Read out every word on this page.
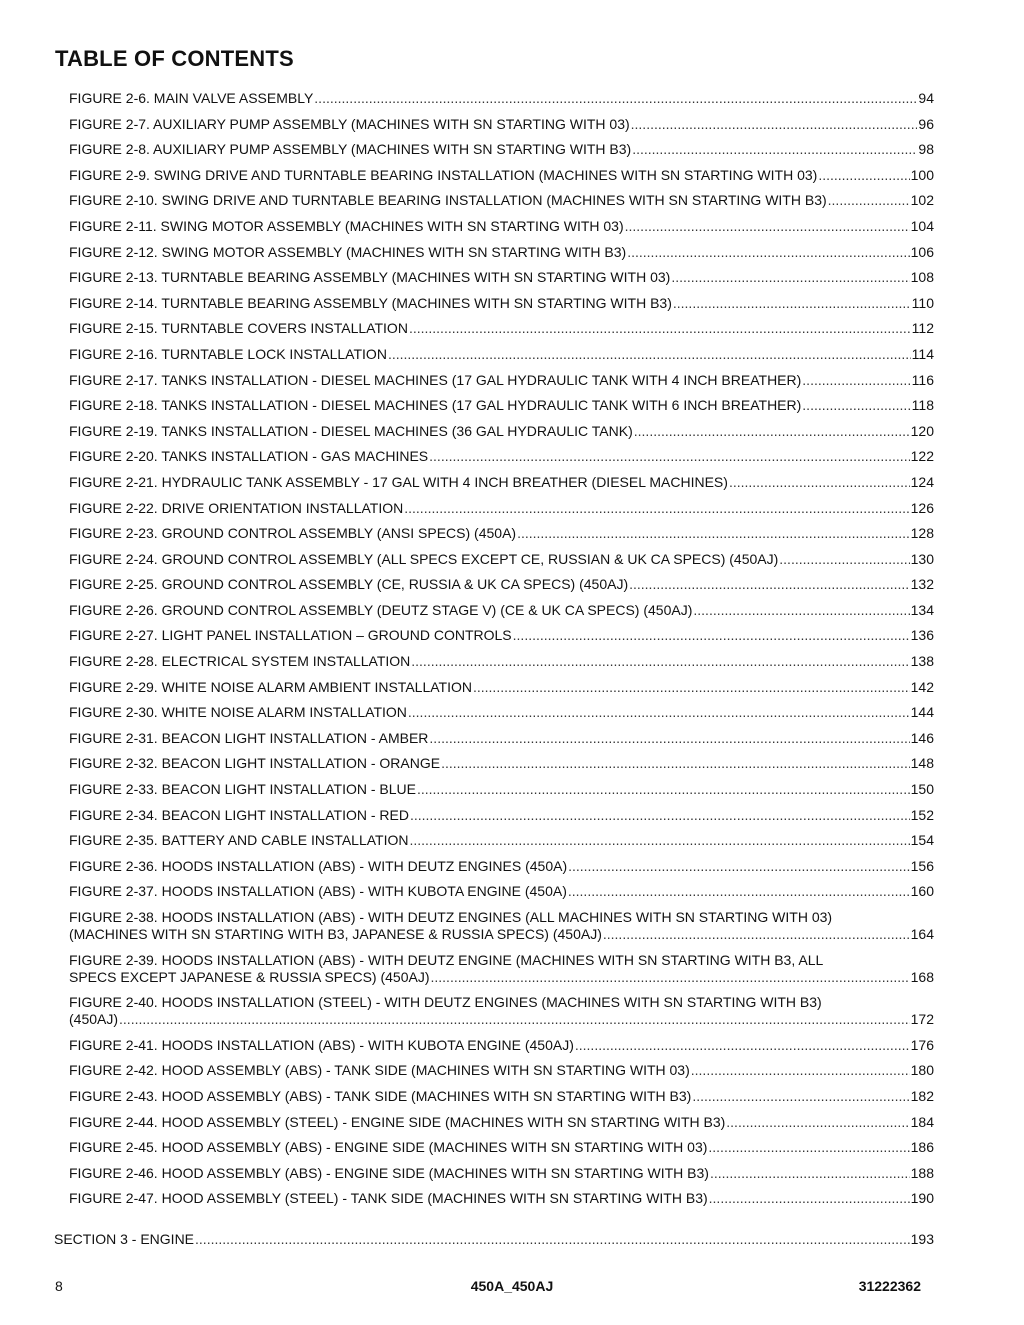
TABLE OF CONTENTS
FIGURE 2-6. MAIN VALVE ASSEMBLY .....	94
FIGURE 2-7. AUXILIARY PUMP ASSEMBLY (MACHINES WITH SN STARTING WITH 03) .....	96
FIGURE 2-8. AUXILIARY PUMP ASSEMBLY (MACHINES WITH SN STARTING WITH B3) .....	98
FIGURE 2-9. SWING DRIVE AND TURNTABLE BEARING INSTALLATION (MACHINES WITH SN STARTING WITH 03) .....	100
FIGURE 2-10. SWING DRIVE AND TURNTABLE BEARING INSTALLATION (MACHINES WITH SN STARTING WITH B3) .....	102
FIGURE 2-11. SWING MOTOR ASSEMBLY (MACHINES WITH SN STARTING WITH 03) .....	104
FIGURE 2-12. SWING MOTOR ASSEMBLY (MACHINES WITH SN STARTING WITH B3) .....	106
FIGURE 2-13. TURNTABLE BEARING ASSEMBLY (MACHINES WITH SN STARTING WITH 03) .....	108
FIGURE 2-14. TURNTABLE BEARING ASSEMBLY (MACHINES WITH SN STARTING WITH B3) .....	110
FIGURE 2-15. TURNTABLE COVERS INSTALLATION .....	112
FIGURE 2-16. TURNTABLE LOCK INSTALLATION .....	114
FIGURE 2-17. TANKS INSTALLATION - DIESEL MACHINES (17 GAL HYDRAULIC TANK WITH 4 INCH BREATHER) .....	116
FIGURE 2-18. TANKS INSTALLATION - DIESEL MACHINES (17 GAL HYDRAULIC TANK WITH 6 INCH BREATHER) .....	118
FIGURE 2-19. TANKS INSTALLATION - DIESEL MACHINES (36 GAL HYDRAULIC TANK) .....	120
FIGURE 2-20. TANKS INSTALLATION - GAS MACHINES .....	122
FIGURE 2-21. HYDRAULIC TANK ASSEMBLY - 17 GAL WITH 4 INCH BREATHER (DIESEL MACHINES) .....	124
FIGURE 2-22. DRIVE ORIENTATION INSTALLATION .....	126
FIGURE 2-23. GROUND CONTROL ASSEMBLY (ANSI SPECS) (450A) .....	128
FIGURE 2-24. GROUND CONTROL ASSEMBLY (ALL SPECS EXCEPT CE, RUSSIAN & UK CA SPECS) (450AJ) .....	130
FIGURE 2-25. GROUND CONTROL ASSEMBLY (CE, RUSSIA & UK CA SPECS) (450AJ) .....	132
FIGURE 2-26. GROUND CONTROL ASSEMBLY (DEUTZ STAGE V) (CE & UK CA SPECS) (450AJ) .....	134
FIGURE 2-27. LIGHT PANEL INSTALLATION – GROUND CONTROLS .....	136
FIGURE 2-28. ELECTRICAL SYSTEM INSTALLATION .....	138
FIGURE 2-29. WHITE NOISE ALARM AMBIENT INSTALLATION .....	142
FIGURE 2-30. WHITE NOISE ALARM INSTALLATION .....	144
FIGURE 2-31. BEACON LIGHT INSTALLATION - AMBER .....	146
FIGURE 2-32. BEACON LIGHT INSTALLATION - ORANGE .....	148
FIGURE 2-33. BEACON LIGHT INSTALLATION - BLUE .....	150
FIGURE 2-34. BEACON LIGHT INSTALLATION - RED .....	152
FIGURE 2-35. BATTERY AND CABLE INSTALLATION .....	154
FIGURE 2-36. HOODS INSTALLATION (ABS) - WITH DEUTZ ENGINES (450A) .....	156
FIGURE 2-37. HOODS INSTALLATION (ABS) - WITH KUBOTA ENGINE (450A) .....	160
FIGURE 2-38. HOODS INSTALLATION (ABS) - WITH DEUTZ ENGINES (ALL MACHINES WITH SN STARTING WITH 03)
(MACHINES WITH SN STARTING WITH B3, JAPANESE & RUSSIA SPECS) (450AJ) .....	164
FIGURE 2-39. HOODS INSTALLATION (ABS) - WITH DEUTZ ENGINE (MACHINES WITH SN STARTING WITH B3, ALL
SPECS EXCEPT JAPANESE & RUSSIA SPECS) (450AJ) .....	168
FIGURE 2-40. HOODS INSTALLATION (STEEL) - WITH DEUTZ ENGINES (MACHINES WITH SN STARTING WITH B3)
(450AJ) .....	172
FIGURE 2-41. HOODS INSTALLATION (ABS) - WITH KUBOTA ENGINE (450AJ) .....	176
FIGURE 2-42. HOOD ASSEMBLY (ABS) - TANK SIDE (MACHINES WITH SN STARTING WITH 03) .....	180
FIGURE 2-43. HOOD ASSEMBLY (ABS) - TANK SIDE (MACHINES WITH SN STARTING WITH B3) .....	182
FIGURE 2-44. HOOD ASSEMBLY (STEEL) - ENGINE SIDE (MACHINES WITH SN STARTING WITH B3) .....	184
FIGURE 2-45. HOOD ASSEMBLY (ABS) - ENGINE SIDE (MACHINES WITH SN STARTING WITH 03) .....	186
FIGURE 2-46. HOOD ASSEMBLY (ABS) - ENGINE SIDE (MACHINES WITH SN STARTING WITH B3) .....	188
FIGURE 2-47. HOOD ASSEMBLY (STEEL) - TANK SIDE (MACHINES WITH SN STARTING WITH B3) .....	190
SECTION 3 - ENGINE .....	193
8	450A_450AJ	31222362
